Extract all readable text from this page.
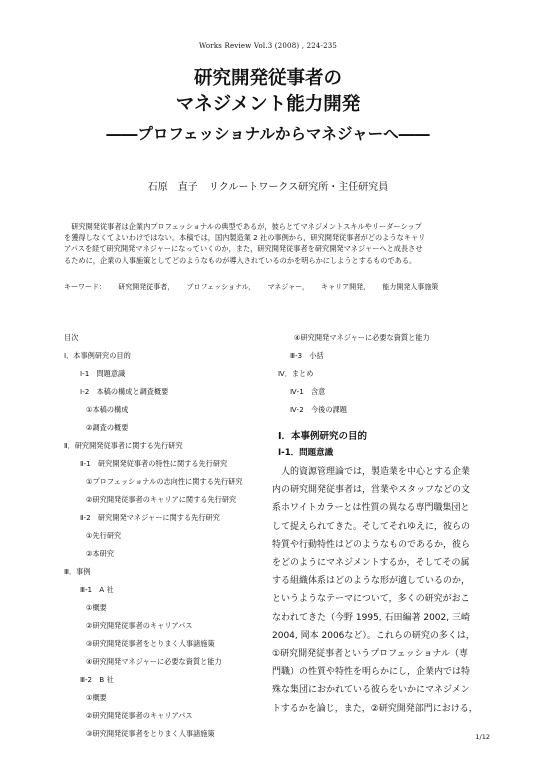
Works Review Vol.3 (2008) , 224-235
研究開発従事者の
マネジメント能力開発
――プロフェッショナルからマネジャーへ――
石原　直子 リクルートワークス研究所・主任研究員
　研究開発従事者は企業内プロフェッショナルの典型であるが，彼らとてマネジメントスキルやリーダーシップ
を獲得しなくてよいわけではない。本稿では，国内製造業 2 社の事例から，研究開発従事者がどのようなキャリ
アパスを経て研究開発マネジャーになっていくのか，また，研究開発従事者を研究開発マネジャーへと成長させ
るために，企業の人事施策としてどのようなものが導入されているのかを明らかにしようとするものである。
キーワード： 研究開発従事者， プロフェッショナル， マネジャー， キャリア開発， 能力開発人事施策
目次
Ⅰ．本事例研究の目的
Ⅰ-1　問題意識
Ⅰ-2　本稿の構成と調査概要
①本稿の構成
②調査の概要
Ⅱ．研究開発従事者に関する先行研究
Ⅱ-1　研究開発従事者の特性に関する先行研究
①プロフェッショナルの志向性に関する先行研究
②研究開発従事者のキャリアに関する先行研究
Ⅱ-2　研究開発マネジャーに関する先行研究
①先行研究
②本研究
Ⅲ．事例
Ⅲ-1　A 社
①概要
②研究開発従事者のキャリアパス
③研究開発従事者をとりまく人事諸施策
④研究開発マネジャーに必要な資質と能力
Ⅲ-2　B 社
①概要
②研究開発従事者のキャリアパス
③研究開発従事者をとりまく人事諸施策
④研究開発マネジャーに必要な資質と能力
Ⅲ-3　小括
Ⅳ．まとめ
Ⅳ-1　含意
Ⅳ-2　今後の課題
Ⅰ．本事例研究の目的
Ⅰ-1．問題意識
　人的資源管理論では，製造業を中心とする企業
内の研究開発従事者は，営業やスタッフなどの文
系ホワイトカラーとは性質の異なる専門職集団と
して捉えられてきた。そしてそれゆえに，彼らの
特質や行動特性はどのようなものであるか，彼ら
をどのようにマネジメントするか，そしてその属
する組織体系はどのような形が適しているのか，
というようなテーマについて，多くの研究がおこ
なわれてきた（今野 1995, 石田編著 2002, 三崎
2004, 岡本 2006など）。これらの研究の多くは，
①研究開発従事者というプロフェッショナル（専
門職）の性質や特性を明らかにし，企業内では特
殊な集団におかれている彼らをいかにマネジメン
トするかを論じ，また，②研究開発部門における，
1/12
